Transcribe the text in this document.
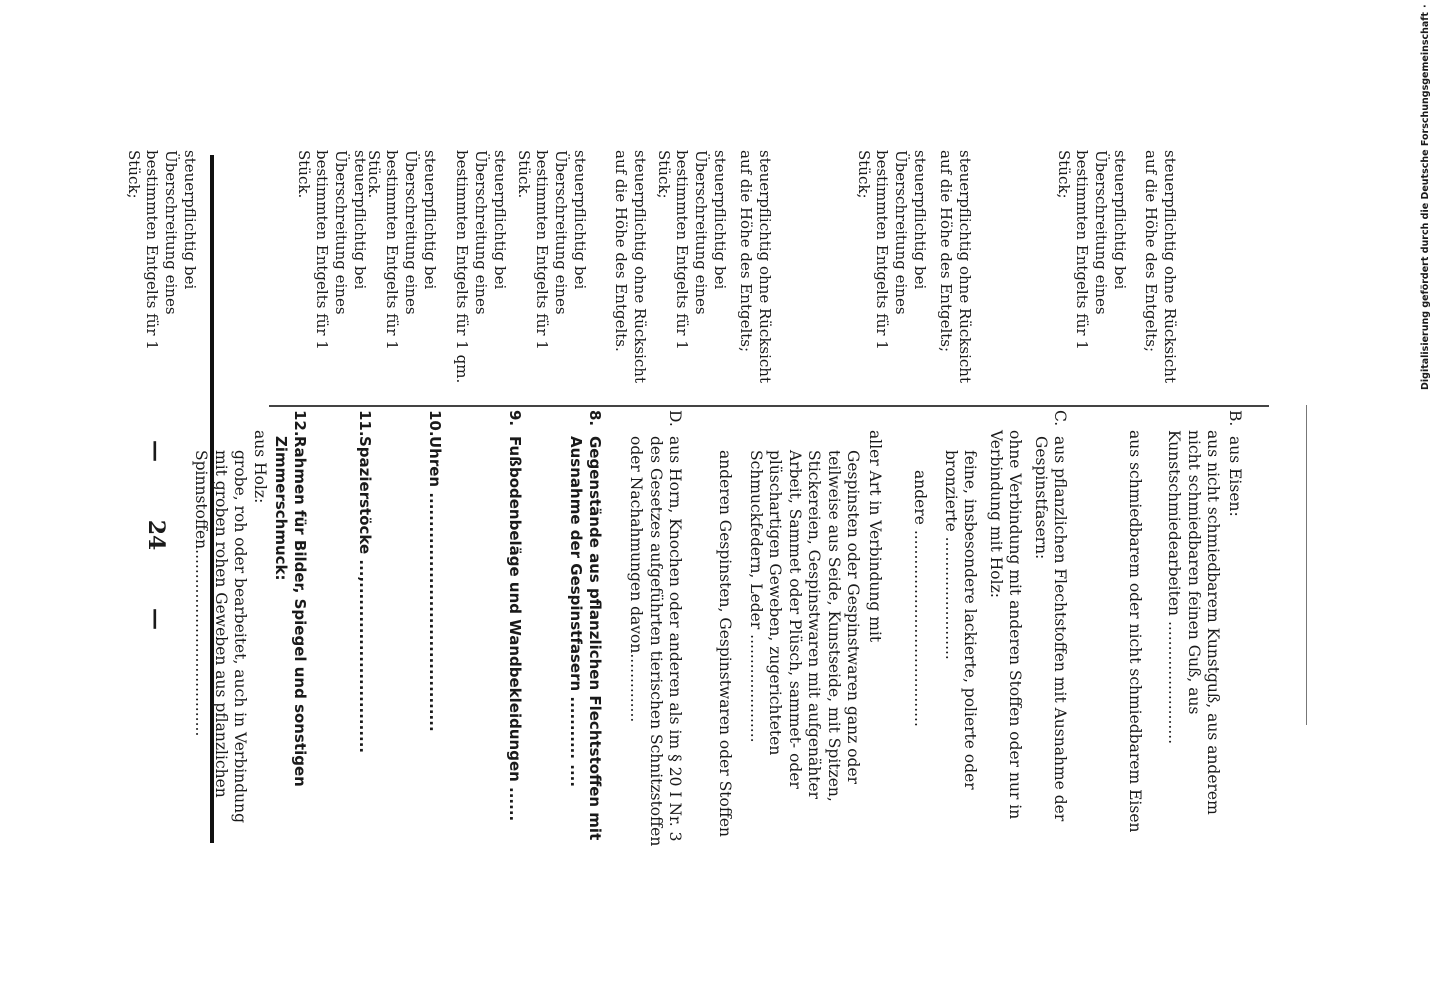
—
24
—
B.
aus Eisen:
aus nicht schmiedbarem Kunstguß, aus anderem nicht schmiedbaren feinen Guß, aus Kunstschmiedearbeiten .........................
aus schmiedbarem oder nicht schmiedbarem Eisen
C.
aus pflanzlichen Flechtstoffen mit Ausnahme der Gespinstfasern:
ohne Verbindung mit anderen Stoffen oder nur in Verbindung mit Holz:
feine, insbesondere lackierte, polierte oder bronzierte .........................
andere ........................................
aller Art in Verbindung mit
Gespinsten oder Gespinstwaren ganz oder teilweise aus Seide, Kunstseide, mit Spitzen, Stickereien, Gespinstwaren mit aufgenähter Arbeit, Sammet oder Plüsch, sammet- oder plüschartigen Geweben, zugerichteten Schmuckfedern, Leder ......................
anderen Gespinsten, Gespinstwaren oder Stoffen
D.
aus Horn, Knochen oder anderen als im § 20 I Nr. 3 des Gesetzes aufgeführten tierischen Schnitzstoffen oder Nachahmungen davon..............
8.
Gegenstände aus pflanzlichen Flechtstoffen mit Ausnahme der Gespinstfasern ........... ....
9.
Fußbodenbeläge und Wandbekleidungen ......
10.
Uhren ..........................................
11.
Spazierstöcke ...,..............................
12.
Rahmen für Bilder, Spiegel und sonstigen Zimmerschmuck:
aus Holz:
grobe, roh oder bearbeitet, auch in Verbindung mit groben rohen Geweben aus pflanzlichen Spinnstoffen......................................
steuerpflichtig ohne Rücksicht auf die Höhe des Entgelts;
steuerpflichtig bei Überschreitung eines bestimmten Entgelts für 1 Stück;
steuerpflichtig ohne Rücksicht auf die Höhe des Entgelts;
steuerpflichtig bei Überschreitung eines bestimmten Entgelts für 1 Stück;
steuerpflichtig ohne Rücksicht auf die Höhe des Entgelts;
steuerpflichtig bei Überschreitung eines bestimmten Entgelts für 1 Stück;
steuerpflichtig ohne Rücksicht auf die Höhe des Entgelts.
steuerpflichtig bei Überschreitung eines bestimmten Entgelts für 1 Stück.
steuerpflichtig bei Überschreitung eines bestimmten Entgelts für 1 qm.
steuerpflichtig bei Überschreitung eines bestimmten Entgelts für 1 Stück.
steuerpflichtig bei Überschreitung eines bestimmten Entgelts für 1 Stück.
steuerpflichtig bei Überschreitung eines bestimmten Entgelts für 1 Stück;	Digitalisierung gefördert durch die Deutsche Forschungsgemeinschaft
·
